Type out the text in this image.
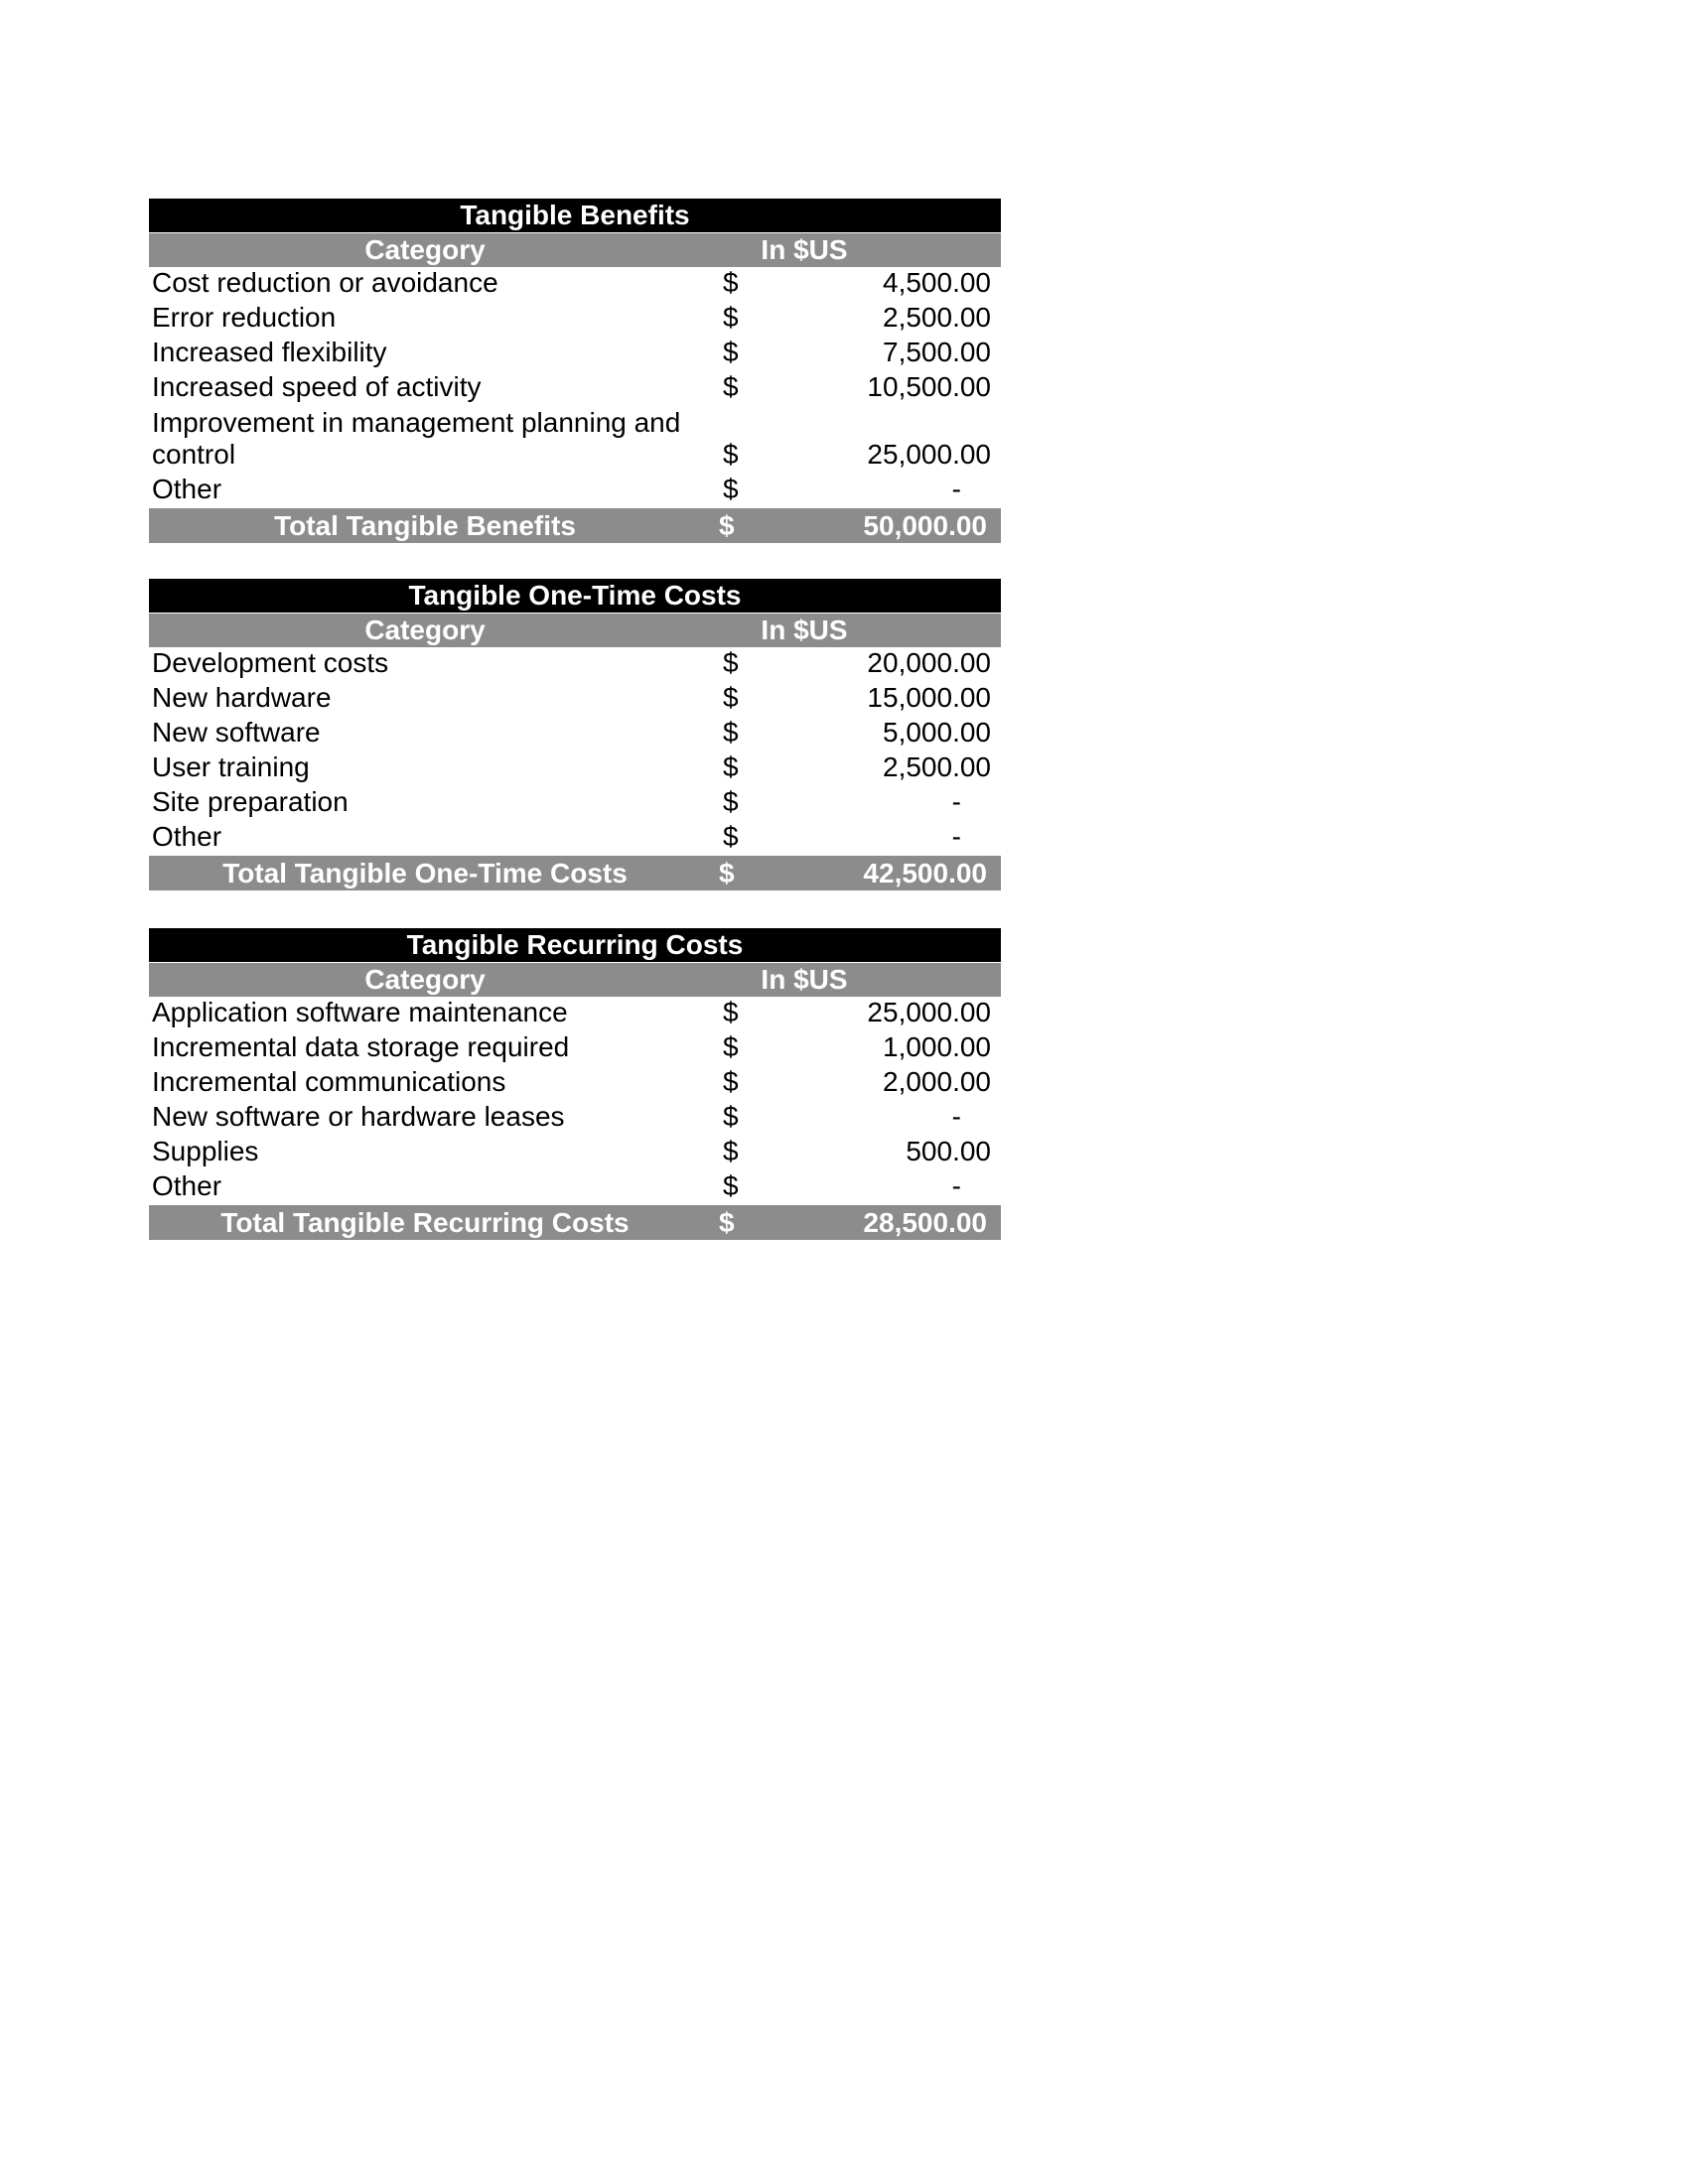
Tangible Benefits
Category	In $US
Cost reduction or avoidance	$	4,500.00
Error reduction	$	2,500.00
Increased flexibility	$	7,500.00
Increased speed of activity	$	10,500.00
Improvement in management planning and control	$	25,000.00
Other	$	-
Total Tangible Benefits	$	50,000.00
Tangible One-Time Costs
Category	In $US
Development costs	$	20,000.00
New hardware	$	15,000.00
New software	$	5,000.00
User training	$	2,500.00
Site preparation	$	-
Other	$	-
Total Tangible One-Time Costs	$	42,500.00
Tangible Recurring Costs
Category	In $US
Application software maintenance	$	25,000.00
Incremental data storage required	$	1,000.00
Incremental communications	$	2,000.00
New software or hardware leases	$	-
Supplies	$	500.00
Other	$	-
Total Tangible Recurring Costs	$	28,500.00
